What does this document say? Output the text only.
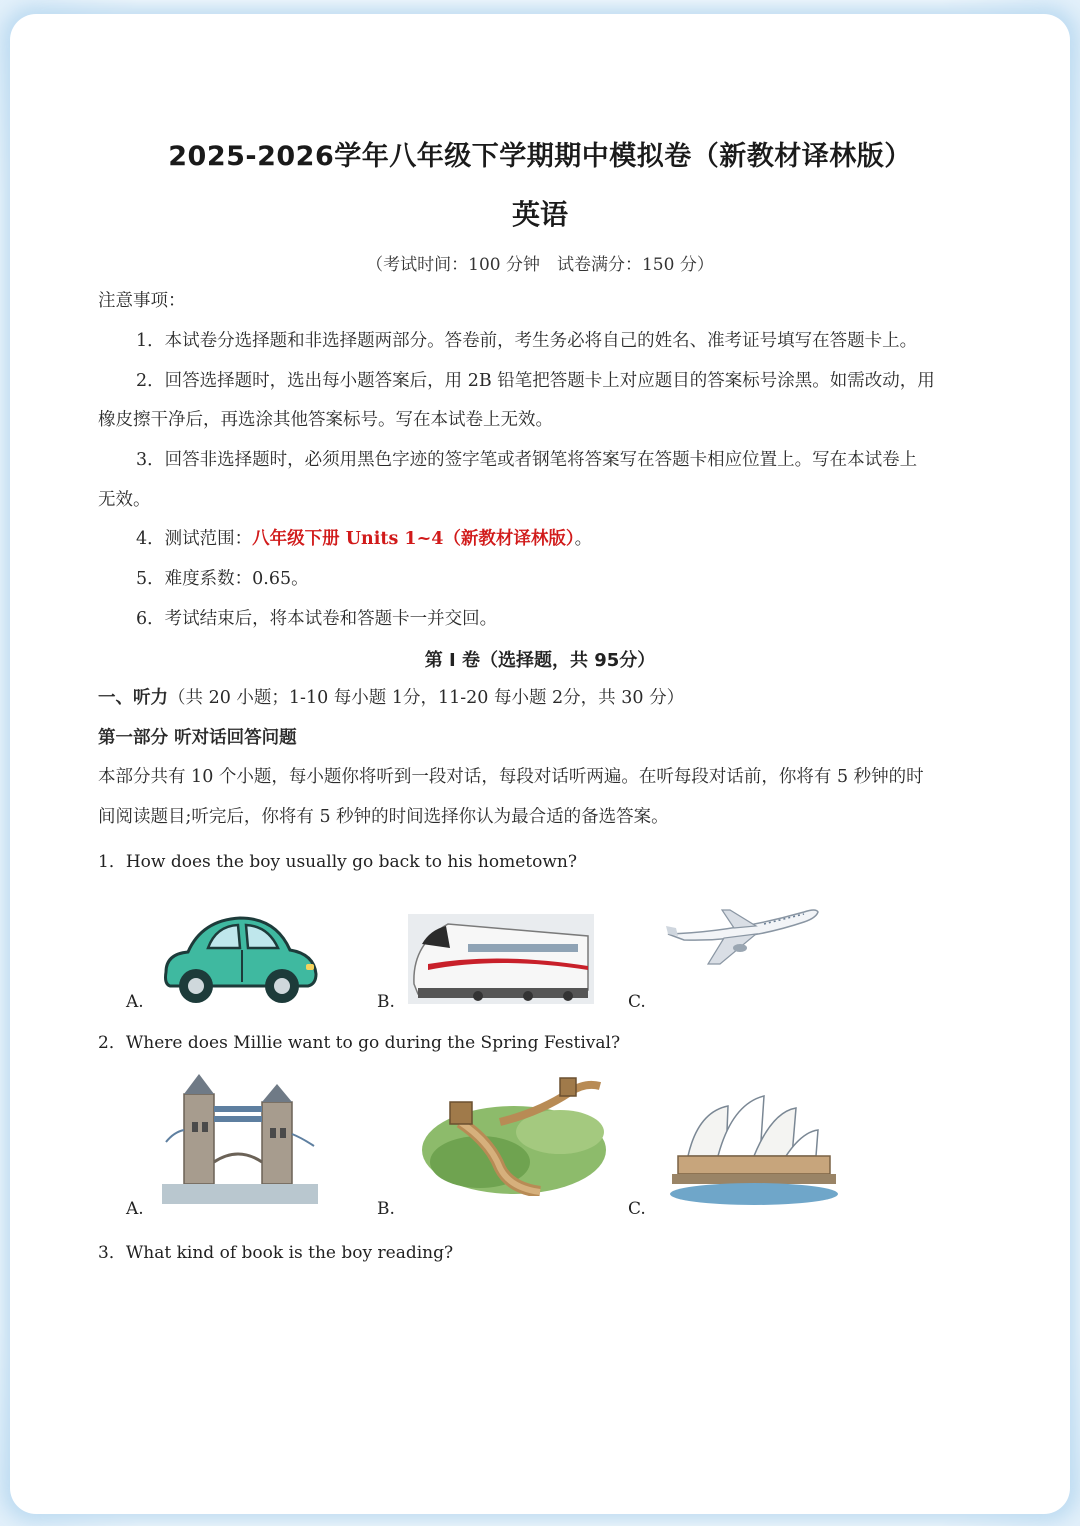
2025-2026学年八年级下学期期中模拟卷（新教材译林版）
英语
（考试时间：100 分钟　试卷满分：150 分）
注意事项：
1．本试卷分选择题和非选择题两部分。答卷前，考生务必将自己的姓名、准考证号填写在答题卡上。
2．回答选择题时，选出每小题答案后，用 2B 铅笔把答题卡上对应题目的答案标号涂黑。如需改动，用
橡皮擦干净后，再选涂其他答案标号。写在本试卷上无效。
3．回答非选择题时，必须用黑色字迹的签字笔或者钢笔将答案写在答题卡相应位置上。写在本试卷上
无效。
4．测试范围：八年级下册 Units 1~4（新教材译林版）。
5．难度系数：0.65。
6．考试结束后，将本试卷和答题卡一并交回。
第 I 卷（选择题，共 95分）
一、听力（共 20 小题；1-10 每小题 1分，11-20 每小题 2分，共 30 分）
第一部分 听对话回答问题
本部分共有 10 个小题，每小题你将听到一段对话，每段对话听两遍。在听每段对话前，你将有 5 秒钟的时
间阅读题目;听完后，你将有 5 秒钟的时间选择你认为最合适的备选答案。
1．How does the boy usually go back to his hometown?
A.	B.	C.
2．Where does Millie want to go during the Spring Festival?
A.	B.	C.
3．What kind of book is the boy reading?
